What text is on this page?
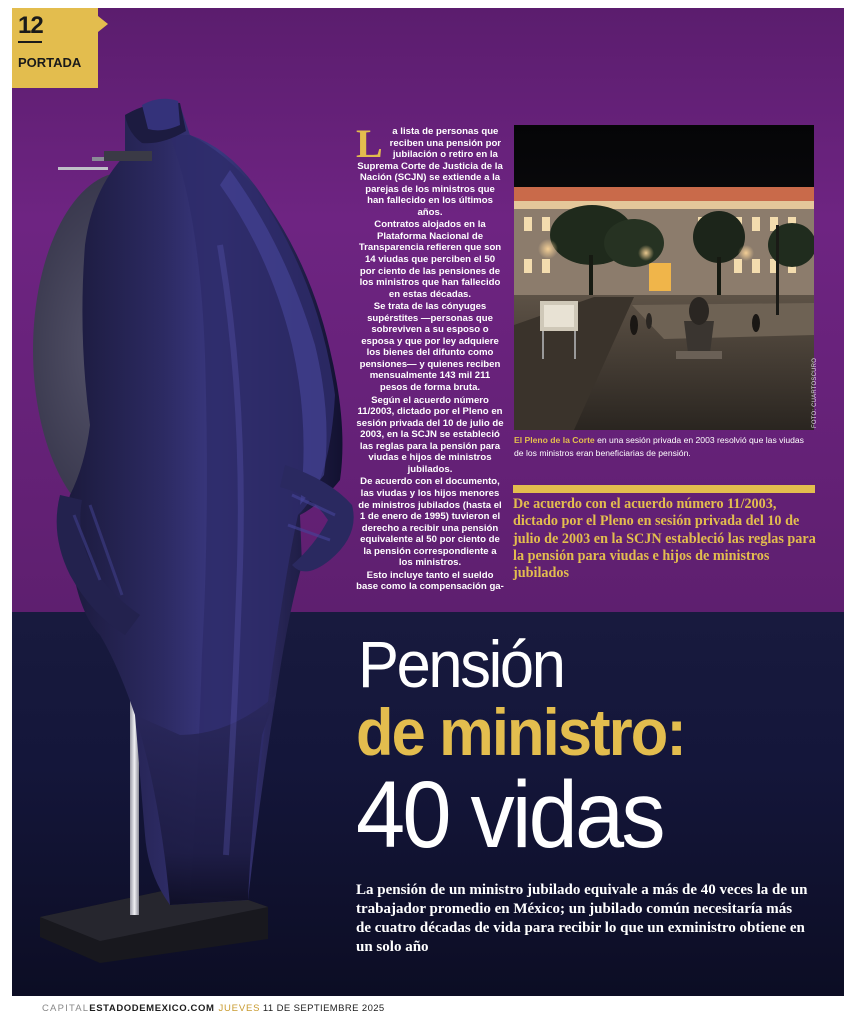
12
PORTADA

La lista de personas que reciben una pensión por jubilación o retiro en la Suprema Corte de Justicia de la Nación (SCJN) se extiende a la parejas de los ministros que han fallecido en los últimos años.

Contratos alojados en la Plataforma Nacional de Transparencia refieren que son 14 viudas que perciben el 50 por ciento de las pensiones de los ministros que han fallecido en estas décadas.

Se trata de las cónyuges supérstites —personas que sobreviven a su esposo o esposa y que por ley adquiere los bienes del difunto como pensiones— y quienes reciben mensualmente 143 mil 211 pesos de forma bruta.

Según el acuerdo número 11/2003, dictado por el Pleno en sesión privada del 10 de julio de 2003, en la SCJN se estableció las reglas para la pensión para viudas e hijos de ministros jubilados.

De acuerdo con el documento, las viudas y los hijos menores de ministros jubilados (hasta el 1 de enero de 1995) tuvieron el derecho a recibir una pensión equivalente al 50 por ciento de la pensión correspondiente a los ministros.

Esto incluye tanto el sueldo base como la compensación ga-

FOTO: CUARTOSCURO
El Pleno de la Corte en una sesión privada en 2003 resolvió que las viudas de los ministros eran beneficiarias de pensión.
De acuerdo con el acuerdo número 11/2003, dictado por el Pleno en sesión privada del 10 de julio de 2003 en la SCJN estableció las reglas para la pensión para viudas e hijos de ministros jubilados
Pensión
de ministro:
40 vidas
La pensión de un ministro jubilado equivale a más de 40 veces la de un trabajador promedio en México; un jubilado común necesitaría más de cuatro décadas de vida para recibir lo que un exministro obtiene en un solo año
CAPITALESTADODEMEXICO.COM JUEVES 11 DE SEPTIEMBRE 2025
